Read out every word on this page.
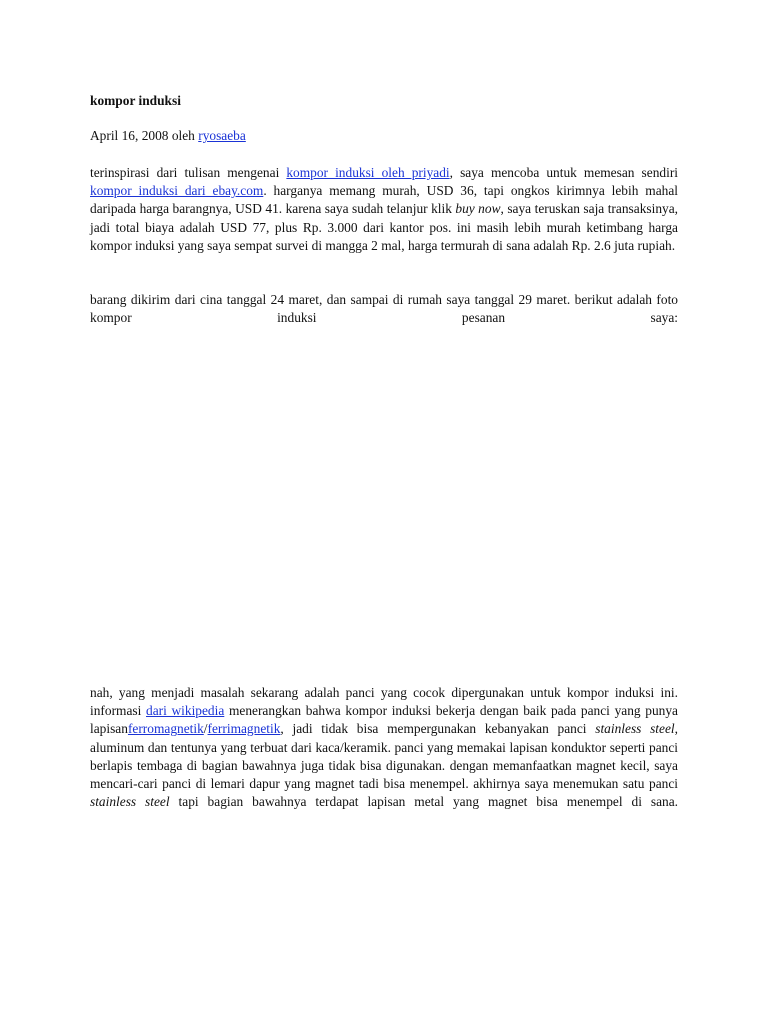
kompor induksi
April 16, 2008 oleh ryosaeba

terinspirasi dari tulisan mengenai kompor induksi oleh priyadi, saya mencoba untuk memesan sendiri kompor induksi dari ebay.com. harganya memang murah, USD 36, tapi ongkos kirimnya lebih mahal daripada harga barangnya, USD 41. karena saya sudah telanjur klik buy now, saya teruskan saja transaksinya, jadi total biaya adalah USD 77, plus Rp. 3.000 dari kantor pos. ini masih lebih murah ketimbang harga kompor induksi yang saya sempat survei di mangga 2 mal, harga termurah di sana adalah Rp. 2.6 juta rupiah.

barang dikirim dari cina tanggal 24 maret, dan sampai di rumah saya tanggal 29 maret. berikut adalah foto kompor induksi pesanan saya:

nah, yang menjadi masalah sekarang adalah panci yang cocok dipergunakan untuk kompor induksi ini. informasi dari wikipedia menerangkan bahwa kompor induksi bekerja dengan baik pada panci yang punya lapisanferromagnetik/ferrimagnetik, jadi tidak bisa mempergunakan kebanyakan panci stainless steel, aluminum dan tentunya yang terbuat dari kaca/keramik. panci yang memakai lapisan konduktor seperti panci berlapis tembaga di bagian bawahnya juga tidak bisa digunakan. dengan memanfaatkan magnet kecil, saya mencari-cari panci di lemari dapur yang magnet tadi bisa menempel. akhirnya saya menemukan satu panci stainless steel tapi bagian bawahnya terdapat lapisan metal yang magnet bisa menempel di sana.
